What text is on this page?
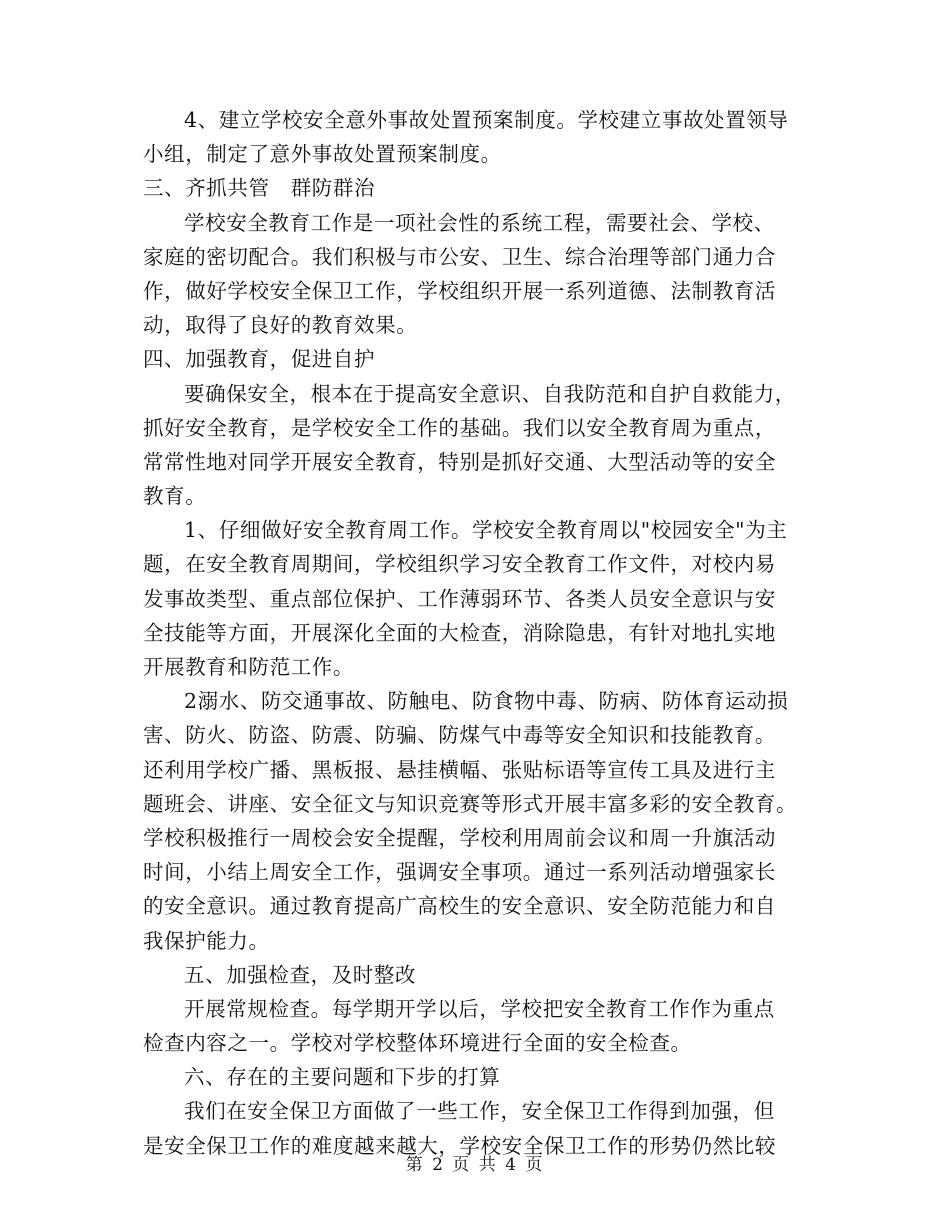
4、建立学校安全意外事故处置预案制度。学校建立事故处置领导
小组，制定了意外事故处置预案制度。
三、齐抓共管　群防群治
学校安全教育工作是一项社会性的系统工程，需要社会、学校、
家庭的密切配合。我们积极与市公安、卫生、综合治理等部门通力合
作，做好学校安全保卫工作，学校组织开展一系列道德、法制教育活
动，取得了良好的教育效果。
四、加强教育，促进自护
要确保安全，根本在于提高安全意识、自我防范和自护自救能力，
抓好安全教育，是学校安全工作的基础。我们以安全教育周为重点，
常常性地对同学开展安全教育，特别是抓好交通、大型活动等的安全
教育。
1、仔细做好安全教育周工作。学校安全教育周以"校园安全"为主
题，在安全教育周期间，学校组织学习安全教育工作文件，对校内易
发事故类型、重点部位保护、工作薄弱环节、各类人员安全意识与安
全技能等方面，开展深化全面的大检查，消除隐患，有针对地扎实地
开展教育和防范工作。
2溺水、防交通事故、防触电、防食物中毒、防病、防体育运动损
害、防火、防盗、防震、防骗、防煤气中毒等安全知识和技能教育。
还利用学校广播、黑板报、悬挂横幅、张贴标语等宣传工具及进行主
题班会、讲座、安全征文与知识竞赛等形式开展丰富多彩的安全教育。
学校积极推行一周校会安全提醒，学校利用周前会议和周一升旗活动
时间，小结上周安全工作，强调安全事项。通过一系列活动增强家长
的安全意识。通过教育提高广高校生的安全意识、安全防范能力和自
我保护能力。
五、加强检查，及时整改
开展常规检查。每学期开学以后，学校把安全教育工作作为重点
检查内容之一。学校对学校整体环境进行全面的安全检查。
六、存在的主要问题和下步的打算
我们在安全保卫方面做了一些工作，安全保卫工作得到加强，但
是安全保卫工作的难度越来越大，学校安全保卫工作的形势仍然比较
第 2 页 共 4 页
